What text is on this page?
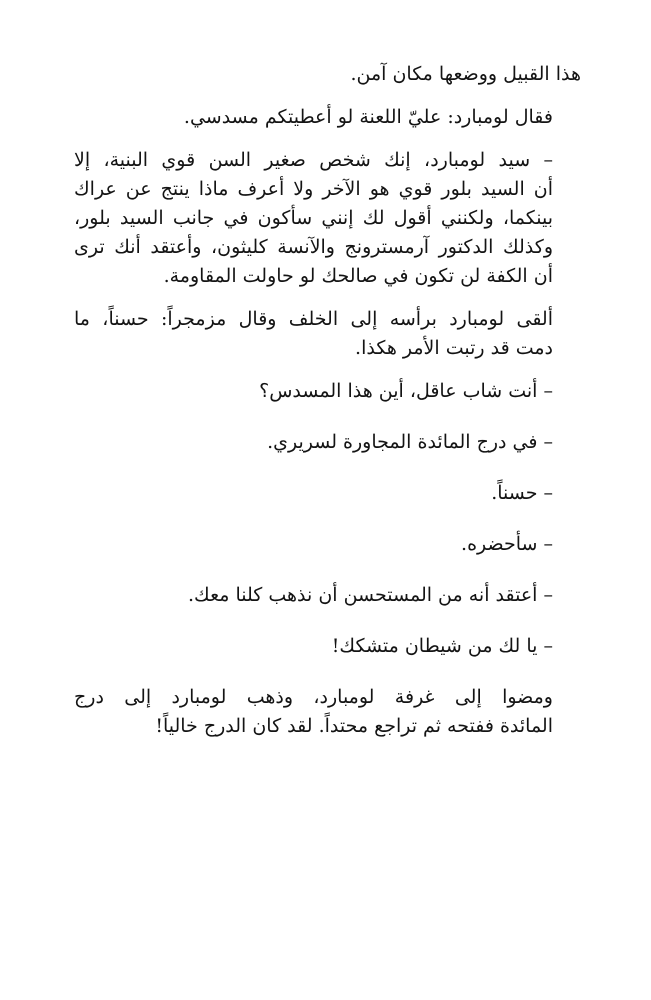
هذا القبيل ووضعها مكان آمن.

فقال لومبارد: عليّ اللعنة لو أعطيتكم مسدسي.

– سيد لومبارد، إنك شخص صغير السن قوي البنية، إلا
أن السيد بلور قوي هو الآخر ولا أعرف ماذا ينتج عن عراك
بينكما، ولكنني أقول لك إنني سأكون في جانب السيد بلور،
وكذلك الدكتور آرمسترونج والآنسة كليثون، وأعتقد أنك ترى
أن الكفة لن تكون في صالحك لو حاولت المقاومة.

ألقى لومبارد برأسه إلى الخلف وقال مزمجراً: حسناً، ما
دمت قد رتبت الأمر هكذا.

– أنت شاب عاقل، أين هذا المسدس؟

– في درج المائدة المجاورة لسريري.

– حسناً.

– سأحضره.

– أعتقد أنه من المستحسن أن نذهب كلنا معك.

– يا لك من شيطان متشكك!

ومضوا إلى غرفة لومبارد، وذهب لومبارد إلى درج
المائدة ففتحه ثم تراجع محتداً. لقد كان الدرج خالياً!
